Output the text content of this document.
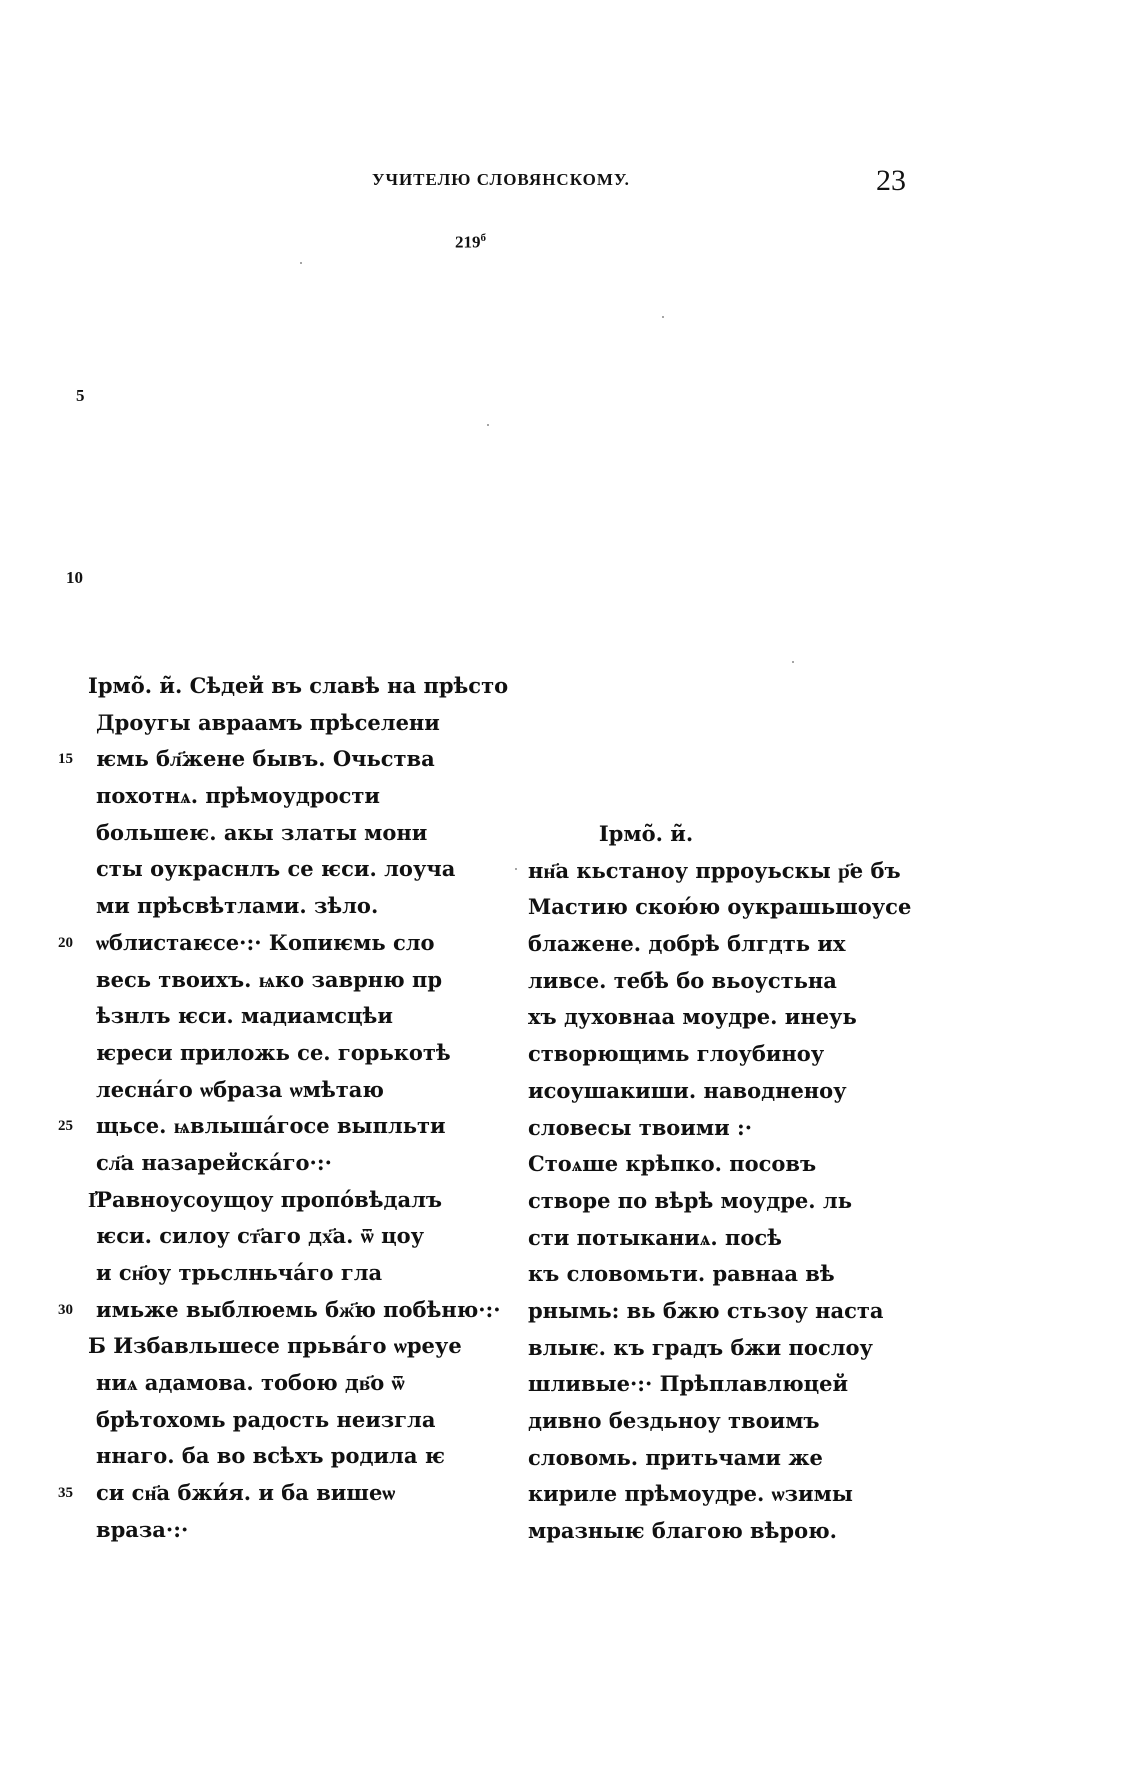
УЧИТЕЛЮ СЛОВЯНСКОМУ.	23
$219^б$
5
10
Ірмо̃. и̃. Сѣдей въ славѣ на прѣсто
Дроугы авраамъ прѣселени
15 ѥмь бл҃жене бывъ. Очьства
похотнѧ. прѣмоудрости
большеѥ. акы златы мони
сты оукраснлъ се ѥси. лоуча
ми прѣсвѣтлами. зѣло.
20 ѡблистаѥсе·:· Копиѥмь сло
весь твоихъ. ѩко заврню пр
ѣзнлъ ѥси. мадиамсцѣи
ѥреси приложь се. горькотѣ
лесна́го ѡбраза ѡмѣтаю
25 щьсе. ѩвлыша́госе выпльти
сл҃а назарейска́го·:·
І҆Равноусоущоу пропо́вѣдалъ
ѥси. силоу ст҃аго дх҃а. ѿ цоу
и сн҃оу трьслньча́го гла
30 имьже выблюемь бж҃ю побѣню·:·
Б Избавльшесе прьва́го ѡреуе
ниѧ адамова. тобою дв҃о ѿ
брѣтохомь радость неизгла
ннаго. ба во всѣхъ родила ѥ
35 си сн҃а бжи́я. и ба вишеѡ
враза·:·
Ірмо̃. и̃.
нн҃а кьстаноу прроуьскы р҃е бъ
Мастию скою́ю оукрашьшоусе
блажене. добрѣ блгдть их
ливсе. тебѣ бо вьоустьна
хъ духовнаа моудре. инеуь
створющимь глоубиноу
исоушакиши. наводненоу
словесы твоими :·
Стоѧше крѣпко. посовъ
створе по вѣрѣ моудре. ль
сти потыканиѧ. посѣ
къ словомьти. равнаа вѣ
рнымь: вь бжю стьзоу наста
влыѥ. къ градъ бжи послоу
шливые·:· Прѣплавлюцей
дивно бездьноу твоимъ
словомь. притьчами же
кириле прѣмоудре. ѡзимы
мразныѥ благою вѣрою.
